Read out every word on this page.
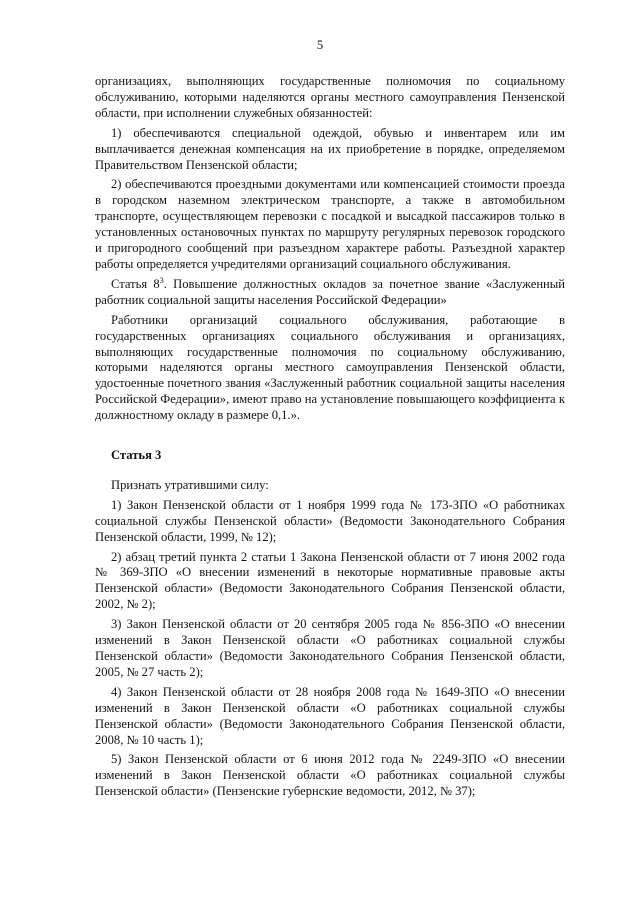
5

организациях, выполняющих государственные полномочия по социальному обслуживанию, которыми наделяются органы местного самоуправления Пензенской области, при исполнении служебных обязанностей:

1) обеспечиваются специальной одеждой, обувью и инвентарем или им выплачивается денежная компенсация на их приобретение в порядке, определяемом Правительством Пензенской области;

2) обеспечиваются проездными документами или компенсацией стоимости проезда в городском наземном электрическом транспорте, а также в автомобильном транспорте, осуществляющем перевозки с посадкой и высадкой пассажиров только в установленных остановочных пунктах по маршруту регулярных перевозок городского и пригородного сообщений при разъездном характере работы. Разъездной характер работы определяется учредителями организаций социального обслуживания.

Статья $8^3$. Повышение должностных окладов за почетное звание «Заслуженный работник социальной защиты населения Российской Федерации»

Работники организаций социального обслуживания, работающие в государственных организациях социального обслуживания и организациях, выполняющих государственные полномочия по социальному обслуживанию, которыми наделяются органы местного самоуправления Пензенской области, удостоенные почетного звания «Заслуженный работник социальной защиты населения Российской Федерации», имеют право на установление повышающего коэффициента к должностному окладу в размере 0,1.».

Статья 3

Признать утратившими силу:

1) Закон Пензенской области от 1 ноября 1999 года № 173-ЗПО «О работниках социальной службы Пензенской области» (Ведомости Законодательного Собрания Пензенской области, 1999, № 12);

2) абзац третий пункта 2 статьи 1 Закона Пензенской области от 7 июня 2002 года № 369-ЗПО «О внесении изменений в некоторые нормативные правовые акты Пензенской области» (Ведомости Законодательного Собрания Пензенской области, 2002, № 2);

3) Закон Пензенской области от 20 сентября 2005 года № 856-ЗПО «О внесении изменений в Закон Пензенской области «О работниках социальной службы Пензенской области» (Ведомости Законодательного Собрания Пензенской области, 2005, № 27 часть 2);

4) Закон Пензенской области от 28 ноября 2008 года № 1649-ЗПО «О внесении изменений в Закон Пензенской области «О работниках социальной службы Пензенской области» (Ведомости Законодательного Собрания Пензенской области, 2008, № 10 часть 1);

5) Закон Пензенской области от 6 июня 2012 года № 2249-ЗПО «О внесении изменений в Закон Пензенской области «О работниках социальной службы Пензенской области» (Пензенские губернские ведомости, 2012, № 37);
